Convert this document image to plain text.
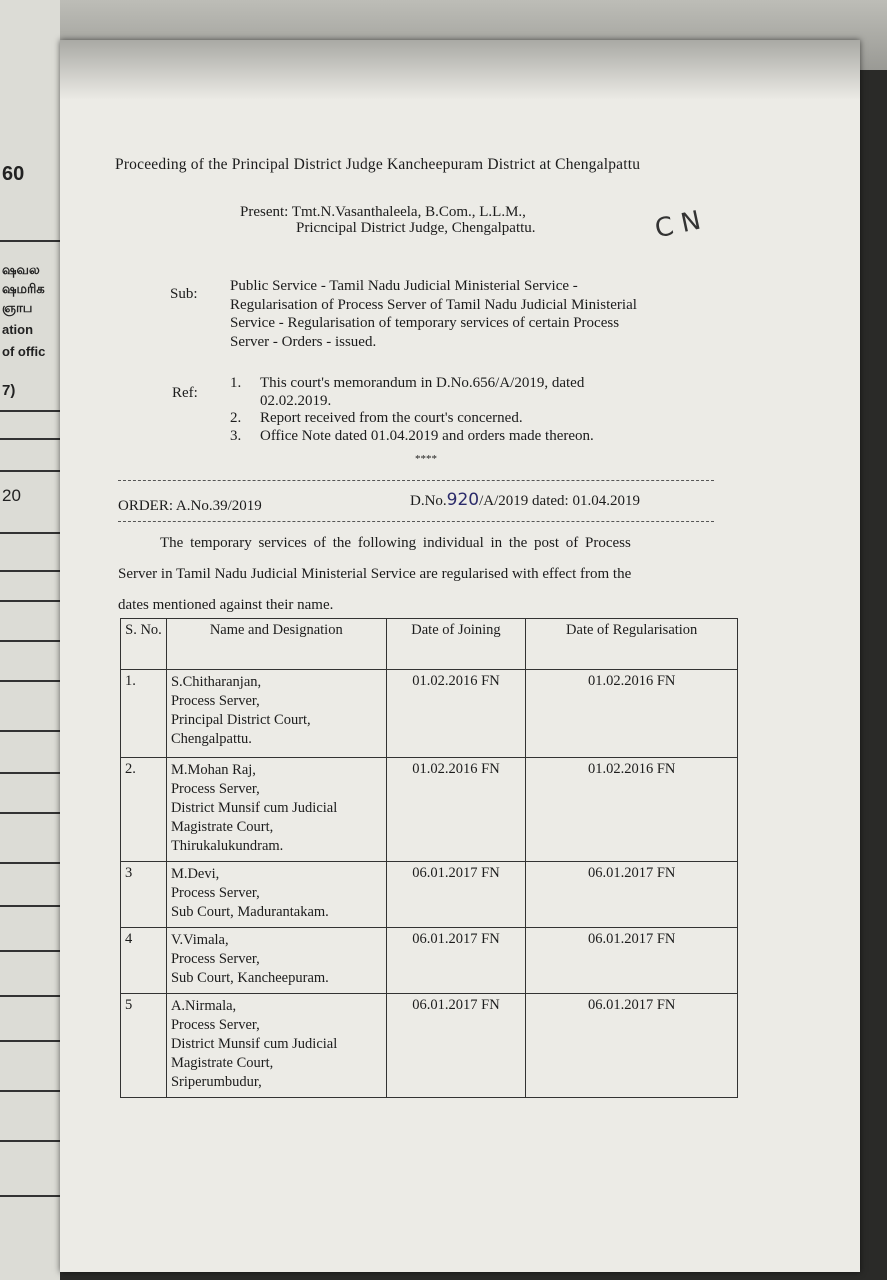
60
ஷவல
ஷமரிக
ஞாப
ation
of offic
7)
20
Proceeding of the Principal District Judge Kancheepuram District at Chengalpattu
Present: Tmt.N.Vasanthaleela, B.Com., L.L.M.,
Pricncipal District Judge, Chengalpattu.	C N
Sub: Public Service - Tamil Nadu Judicial Ministerial Service - Regularisation of Process Server of Tamil Nadu Judicial Ministerial Service - Regularisation of temporary services of certain Process Server - Orders - issued.
Ref:
1.	This court's memorandum in D.No.656/A/2019, dated
02.02.2019.
2.	Report received from the court's concerned.
3.	Office Note dated 01.04.2019 and orders made thereon.
****
ORDER: A.No.39/2019	D.No.920/A/2019 dated: 01.04.2019
The temporary services of the following individual in the post of Process
Server in Tamil Nadu Judicial Ministerial Service are regularised with effect from the
dates mentioned against their name.
S. No.	Name and Designation	Date of Joining	Date of Regularisation
1.	S.Chitharanjan,
Process Server,
Principal District Court,
Chengalpattu.	01.02.2016 FN	01.02.2016 FN
2.	M.Mohan Raj,
Process Server,
District Munsif cum Judicial
Magistrate Court,
Thirukalukundram.	01.02.2016 FN	01.02.2016 FN
3	M.Devi,
Process Server,
Sub Court, Madurantakam.	06.01.2017 FN	06.01.2017 FN
4	V.Vimala,
Process Server,
Sub Court, Kancheepuram.	06.01.2017 FN	06.01.2017 FN
5	A.Nirmala,
Process Server,
District Munsif cum Judicial
Magistrate Court,
Sriperumbudur,	06.01.2017 FN	06.01.2017 FN
